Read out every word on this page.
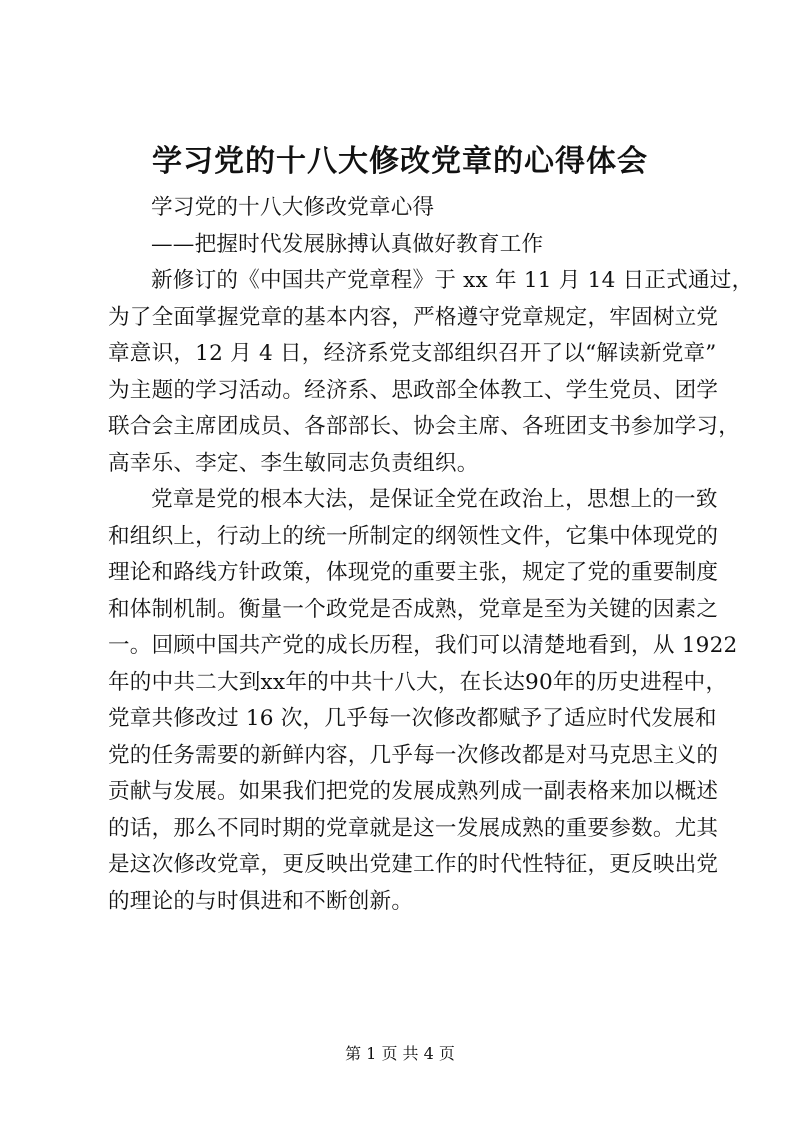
学习党的十八大修改党章的心得体会
学习党的十八大修改党章心得
——把握时代发展脉搏认真做好教育工作
新修订的《中国共产党章程》于 xx 年 11 月 14 日正式通过，
为了全面掌握党章的基本内容，严格遵守党章规定，牢固树立党
章意识，12 月 4 日，经济系党支部组织召开了以“解读新党章”
为主题的学习活动。经济系、思政部全体教工、学生党员、团学
联合会主席团成员、各部部长、协会主席、各班团支书参加学习，
高幸乐、李定、李生敏同志负责组织。
党章是党的根本大法，是保证全党在政治上，思想上的一致
和组织上，行动上的统一所制定的纲领性文件，它集中体现党的
理论和路线方针政策，体现党的重要主张，规定了党的重要制度
和体制机制。衡量一个政党是否成熟，党章是至为关键的因素之
一。回顾中国共产党的成长历程，我们可以清楚地看到，从 1922
年的中共二大到xx年的中共十八大，在长达90年的历史进程中，
党章共修改过 16 次，几乎每一次修改都赋予了适应时代发展和
党的任务需要的新鲜内容，几乎每一次修改都是对马克思主义的
贡献与发展。如果我们把党的发展成熟列成一副表格来加以概述
的话，那么不同时期的党章就是这一发展成熟的重要参数。尤其
是这次修改党章，更反映出党建工作的时代性特征，更反映出党
的理论的与时俱进和不断创新。
第 1 页 共 4 页
